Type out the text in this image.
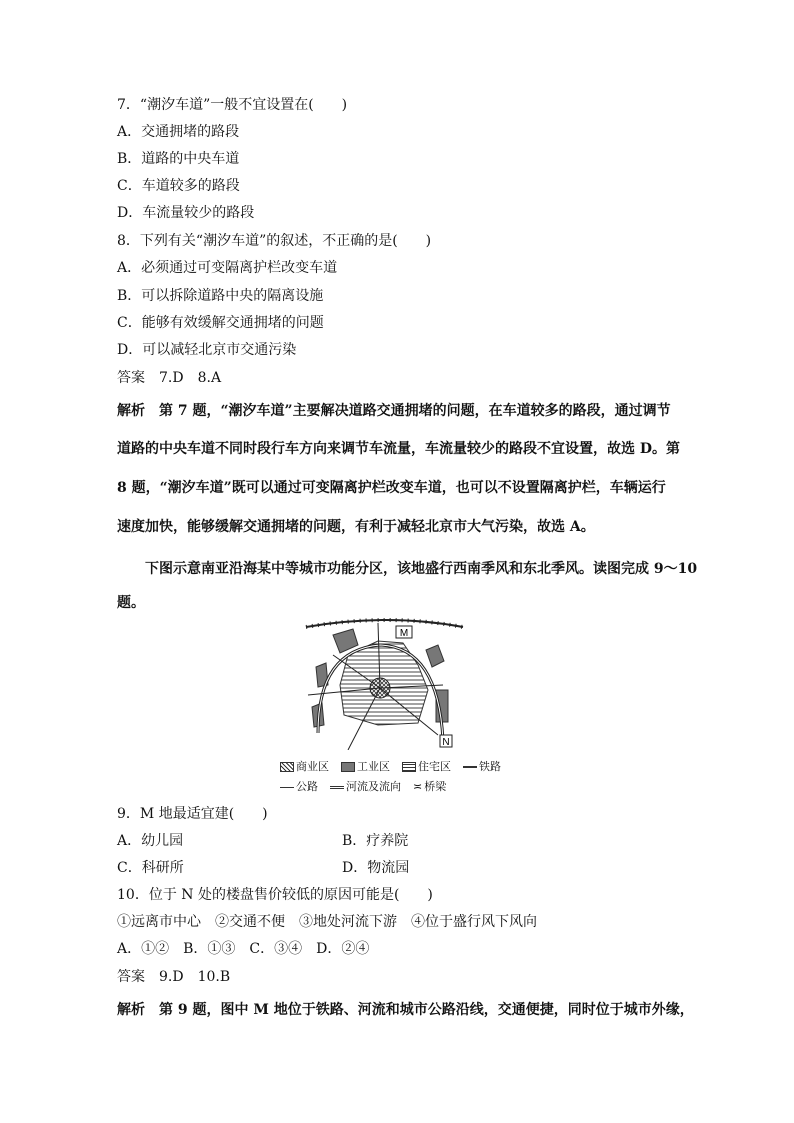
7．“潮汐车道”一般不宜设置在(　　)
A．交通拥堵的路段
B．道路的中央车道
C．车道较多的路段
D．车流量较少的路段
8．下列有关“潮汐车道”的叙述，不正确的是(　　)
A．必须通过可变隔离护栏改变车道
B．可以拆除道路中央的隔离设施
C．能够有效缓解交通拥堵的问题
D．可以减轻北京市交通污染
答案　7.D　8.A
解析　第 7 题，“潮汐车道”主要解决道路交通拥堵的问题，在车道较多的路段，通过调节
道路的中央车道不同时段行车方向来调节车流量，车流量较少的路段不宜设置，故选 D。第
8 题，“潮汐车道”既可以通过可变隔离护栏改变车道，也可以不设置隔离护栏，车辆运行
速度加快，能够缓解交通拥堵的问题，有利于减轻北京市大气污染，故选 A。
下图示意南亚沿海某中等城市功能分区，该地盛行西南季风和东北季风。读图完成 9～10
题。
M
N
商业区	工业区	住宅区	铁路
公路	河流及流向 ≍ 桥梁
9．M 地最适宜建(　　)
A．幼儿园	B．疗养院
C．科研所	D．物流园
10．位于 N 处的楼盘售价较低的原因可能是(　　)
①远离市中心　②交通不便　③地处河流下游　④位于盛行风下风向
A．①②　B．①③　C．③④　D．②④
答案　9.D　10.B
解析　第 9 题，图中 M 地位于铁路、河流和城市公路沿线，交通便捷，同时位于城市外缘，
